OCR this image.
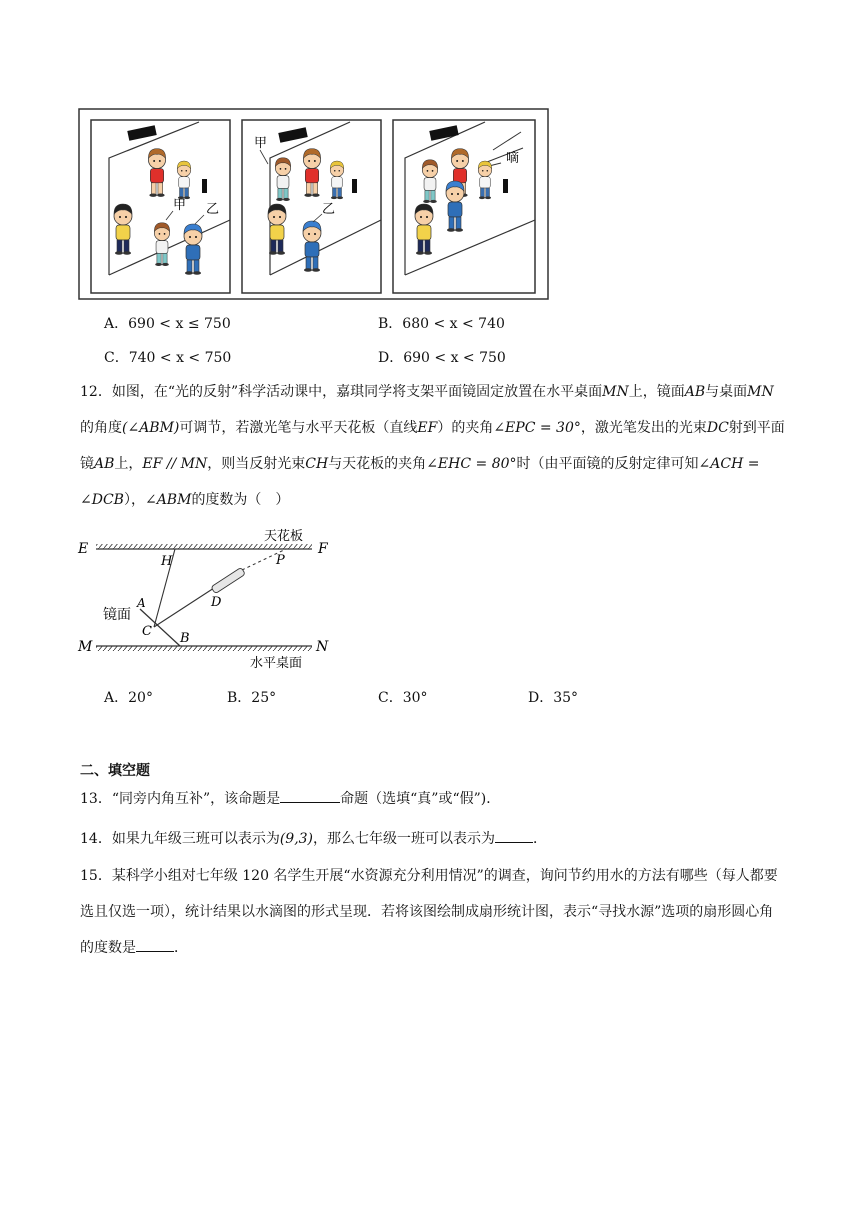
甲 乙
甲
乙
嘀
A．690 < x ≤ 750	B．680 < x < 740
C．740 < x < 750	D．690 < x < 750
12．如图，在“光的反射”科学活动课中，嘉琪同学将支架平面镜固定放置在水平桌面MN上，镜面AB与桌面MN的角度(∠ABM)可调节，若激光笔与水平天花板（直线EF）的夹角∠EPC = 30°，激光笔发出的光束DC射到平面镜AB上，EF // MN，则当反射光束CH与天花板的夹角∠EHC = 80°时（由平面镜的反射定律可知∠ACH = ∠DCB），∠ABM的度数为（　）
E	F
天花板
H	P
D
A
镜面
C B
M	N
水平桌面
A．20°	B．25°	C．30°	D．35°
二、填空题
13．“同旁内角互补”，该命题是	命题（选填“真”或“假”)．
14．如果九年级三班可以表示为(9,3)，那么七年级一班可以表示为	．
15．某科学小组对七年级 120 名学生开展“水资源充分利用情况”的调查，询问节约用水的方法有哪些（每人都要选且仅选一项），统计结果以水滴图的形式呈现．若将该图绘制成扇形统计图，表示“寻找水源”选项的扇形圆心角的度数是	．
